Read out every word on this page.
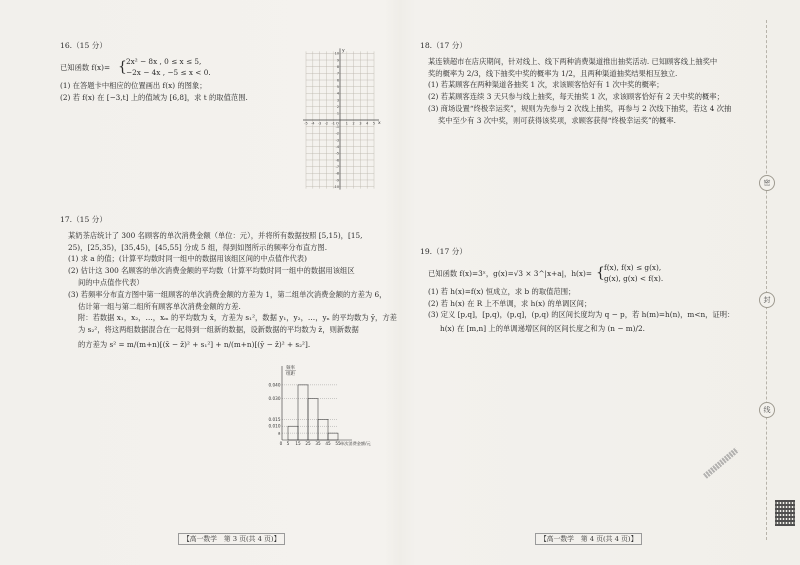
16.（15 分）
已知函数 f(x)= { 2x² − 8x , 0 ≤ x ≤ 5,
−2x − 4x , −5 ≤ x < 0.
(1) 在答题卡中相应的位置画出 f(x) 的图象；
(2) 若 f(x) 在 [−3,t] 上的值域为 [6,8]，求 t 的取值范围.
17.（15 分）
某奶茶店统计了 300 名顾客的单次消费金额（单位：元），并将所有数据按照 [5,15)，[15,
25)，[25,35)，[35,45)，[45,55] 分成 5 组，得到如图所示的频率分布直方图.
(1) 求 a 的值；(计算平均数时同一组中的数据用该组区间的中点值作代表)
(2) 估计这 300 名顾客的单次消费金额的平均数（计算平均数时同一组中的数据用该组区
间的中点值作代表）
(3) 若频率分布直方图中第一组顾客的单次消费金额的方差为 1，第二组单次消费金额的方差为 6，
估计第一组与第二组所有顾客单次消费金额的方差.
附：若数据 x₁，x₂，…，xₘ 的平均数为 x̄，方差为 s₁²，数据 y₁，y₂，…，yₙ 的平均数为 ȳ，方差
为 s₂²，将这两组数据混合在一起得到一组新的数据，设新数据的平均数为 z̄，则新数据
的方差为 s² = m/(m+n)[(x̄ − z̄)² + s₁²] + n/(m+n)[(ȳ − z̄)² + s₂²].
x
y
O
10
9
8
7
6
5
4
3
2
1
-1
-2
-3
-4
-5
-6
-7
-8
-9
-10
-5 -4 -3 -2 -1	1 2 3 4 5
频率
组距
0.040
0.030
0.015
0.010
a
0 5 15 25 35 45 55 单次消费金额/元
18.（17 分）
某连锁超市在店庆期间，针对线上、线下两种消费渠道推出抽奖活动. 已知顾客线上抽奖中
奖的概率为 2/3，线下抽奖中奖的概率为 1/2，且两种渠道抽奖结果相互独立.
(1) 若某顾客在两种渠道各抽奖 1 次，求该顾客恰好有 1 次中奖的概率；
(2) 若某顾客连续 3 天只参与线上抽奖，每天抽奖 1 次，求该顾客恰好有 2 天中奖的概率；
(3) 商场设置“终极幸运奖”，规则为先参与 2 次线上抽奖，再参与 2 次线下抽奖，若这 4 次抽
奖中至少有 3 次中奖，则可获得该奖项，求顾客获得“终极幸运奖”的概率.
19.（17 分）
已知函数 f(x)=3ˣ，g(x)=√3 × 3^|x+a|，h(x)= { f(x), f(x) ≤ g(x),
g(x), g(x) < f(x).
(1) 若 h(x)=f(x) 恒成立，求 b 的取值范围；
(2) 若 h(x) 在 R 上不单调，求 h(x) 的单调区间；
(3) 定义 [p,q]，[p,q)，(p,q]，(p,q) 的区间长度均为 q − p，若 h(m)=h(n)，m<n，证明：
h(x) 在 [m,n] 上的单调递增区间的区间长度之和为 (n − m)/2.
【高一数学　第 3 页(共 4 页)】	【高一数学　第 4 页(共 4 页)】
密
封
线
